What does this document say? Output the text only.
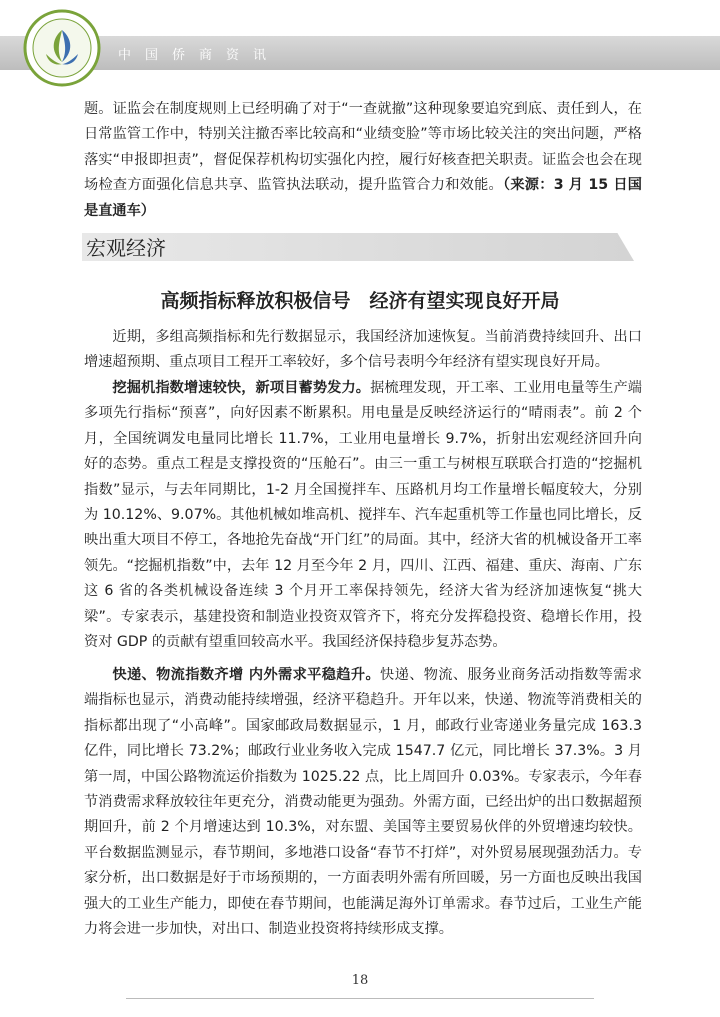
中国侨商资讯
题。证监会在制度规则上已经明确了对于“一查就撤”这种现象要追究到底、责任到人，在日常监管工作中，特别关注撤否率比较高和“业绩变脸”等市场比较关注的突出问题，严格落实“申报即担责”，督促保荐机构切实强化内控，履行好核查把关职责。证监会也会在现场检查方面强化信息共享、监管执法联动，提升监管合力和效能。（来源：3 月 15 日国是直通车）
宏观经济
高频指标释放积极信号　经济有望实现良好开局
近期，多组高频指标和先行数据显示，我国经济加速恢复。当前消费持续回升、出口增速超预期、重点项目工程开工率较好，多个信号表明今年经济有望实现良好开局。
挖掘机指数增速较快，新项目蓄势发力。据梳理发现，开工率、工业用电量等生产端多项先行指标“预喜”，向好因素不断累积。用电量是反映经济运行的“晴雨表”。前 2 个月，全国统调发电量同比增长 11.7%，工业用电量增长 9.7%，折射出宏观经济回升向好的态势。重点工程是支撑投资的“压舱石”。由三一重工与树根互联联合打造的“挖掘机指数”显示，与去年同期比，1-2 月全国搅拌车、压路机月均工作量增长幅度较大，分别为 10.12%、9.07%。其他机械如堆高机、搅拌车、汽车起重机等工作量也同比增长，反映出重大项目不停工，各地抢先奋战“开门红”的局面。其中，经济大省的机械设备开工率领先。“挖掘机指数”中，去年 12 月至今年 2 月，四川、江西、福建、重庆、海南、广东这 6 省的各类机械设备连续 3 个月开工率保持领先，经济大省为经济加速恢复“挑大梁”。专家表示，基建投资和制造业投资双管齐下，将充分发挥稳投资、稳增长作用，投资对 GDP 的贡献有望重回较高水平。我国经济保持稳步复苏态势。
快递、物流指数齐增 内外需求平稳趋升。快递、物流、服务业商务活动指数等需求端指标也显示，消费动能持续增强，经济平稳趋升。开年以来，快递、物流等消费相关的指标都出现了“小高峰”。国家邮政局数据显示，1 月，邮政行业寄递业务量完成 163.3 亿件，同比增长 73.2%；邮政行业业务收入完成 1547.7 亿元，同比增长 37.3%。3 月第一周，中国公路物流运价指数为 1025.22 点，比上周回升 0.03%。专家表示，今年春节消费需求释放较往年更充分，消费动能更为强劲。外需方面，已经出炉的出口数据超预期回升，前 2 个月增速达到 10.3%，对东盟、美国等主要贸易伙伴的外贸增速均较快。平台数据监测显示，春节期间，多地港口设备“春节不打烊”，对外贸易展现强劲活力。专家分析，出口数据是好于市场预期的，一方面表明外需有所回暖，另一方面也反映出我国强大的工业生产能力，即使在春节期间，也能满足海外订单需求。春节过后，工业生产能力将会进一步加快，对出口、制造业投资将持续形成支撑。
18
